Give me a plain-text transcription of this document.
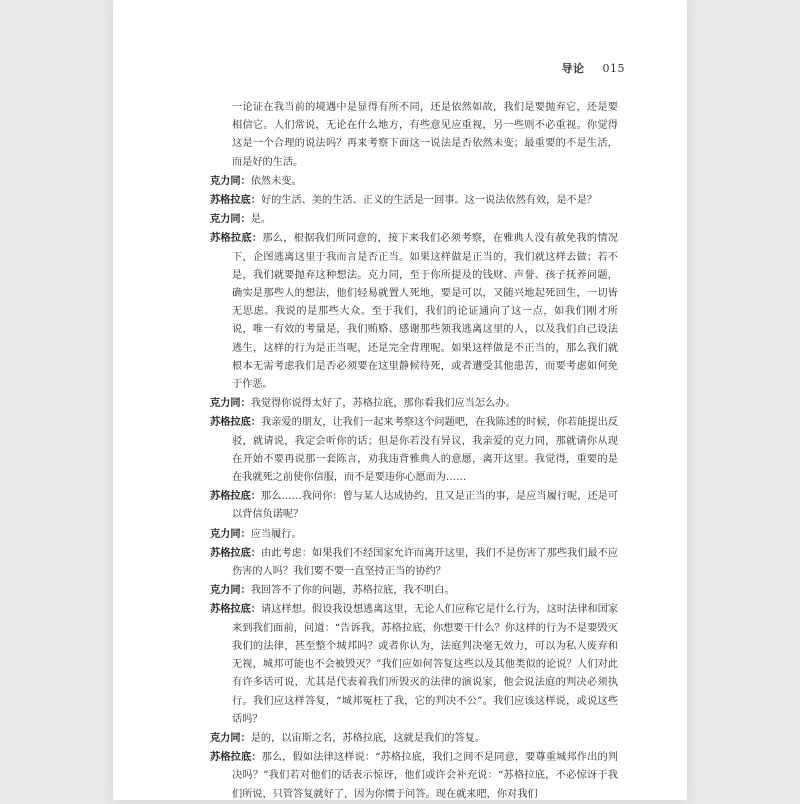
导论 015
一论证在我当前的境遇中是显得有所不同，还是依然如故，我们是要抛弃它，还是要相信它。人们常说，无论在什么地方，有些意见应重视，另一些则不必重视。你觉得这是一个合理的说法吗？再来考察下面这一说法是否依然未变；最重要的不是生活，而是好的生活。
克力同：依然未变。
苏格拉底：好的生活、美的生活、正义的生活是一回事。这一说法依然有效，是不是？
克力同：是。
苏格拉底：那么，根据我们所同意的，接下来我们必须考察，在雅典人没有赦免我的情况下，企图逃离这里于我而言是否正当。如果这样做是正当的，我们就这样去做；若不是，我们就要抛弃这种想法。克力同，至于你所提及的钱财、声誉、孩子抚养问题，确实是那些人的想法，他们轻易就置人死地，要是可以，又随兴地起死回生，一切皆无思虑。我说的是那些大众。至于我们，我们的论证通向了这一点，如我们刚才所说，唯一有效的考量是，我们贿赂、感谢那些领我逃离这里的人，以及我们自己设法逃生，这样的行为是正当呢，还是完全背理呢。如果这样做是不正当的，那么我们就根本无需考虑我们是否必须要在这里静候待死，或者遭受其他患苦，而要考虑如何免于作恶。
克力同：我觉得你说得太好了，苏格拉底，那你看我们应当怎么办。
苏格拉底：我亲爱的朋友，让我们一起来考察这个问题吧，在我陈述的时候，你若能提出反驳，就请说，我定会听你的话；但是你若没有异议，我亲爱的克力同，那就请你从现在开始不要再说那一套陈言，劝我违背雅典人的意愿，离开这里。我觉得，重要的是在我就死之前使你信服，而不是要违你心愿而为……
苏格拉底：那么……我问你：曾与某人达成协约，且又是正当的事，是应当履行呢，还是可以背信负诺呢？
克力同：应当履行。
苏格拉底：由此考虑：如果我们不经国家允许而离开这里，我们不是伤害了那些我们最不应伤害的人吗？我们要不要一直坚持正当的协约？
克力同：我回答不了你的问题，苏格拉底，我不明白。
苏格拉底：请这样想。假设我设想逃离这里，无论人们应称它是什么行为，这时法律和国家来到我们面前，问道：“告诉我，苏格拉底，你想要干什么？你这样的行为不是要毁灭我们的法律，甚至整个城邦吗？或者你认为，法庭判决毫无效力，可以为私人废弃和无视，城邦可能也不会被毁灭？”我们应如何答复这些以及其他类似的论说？人们对此有许多话可说，尤其是代表着我们所毁灭的法律的演说家，他会说法庭的判决必须执行。我们应这样答复，“城邦冤枉了我，它的判决不公”。我们应该这样说，或说这些话吗？
克力同：是的，以宙斯之名，苏格拉底，这就是我们的答复。
苏格拉底：那么，假如法律这样说：“苏格拉底，我们之间不是同意，要尊重城邦作出的判决吗？”我们若对他们的话表示惊讶，他们或许会补充说：“苏格拉底，不必惊讶于我们所说，只管答复就好了，因为你惯于问答。现在就来吧，你对我们
